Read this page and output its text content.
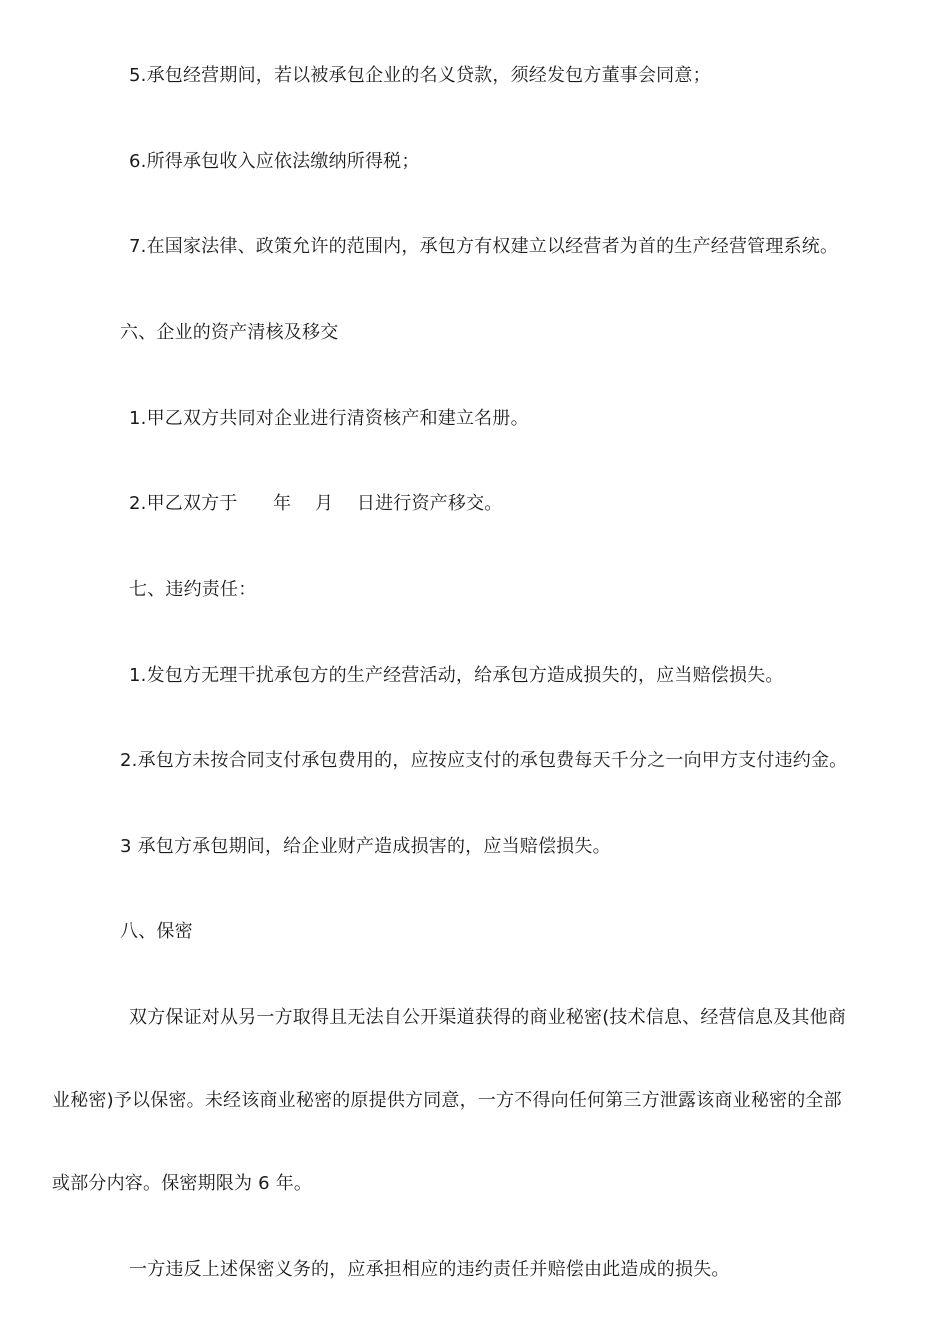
5.承包经营期间，若以被承包企业的名义贷款，须经发包方董事会同意；
6.所得承包收入应依法缴纳所得税；
7.在国家法律、政策允许的范围内，承包方有权建立以经营者为首的生产经营管理系统。
六、企业的资产清核及移交
1.甲乙双方共同对企业进行清资核产和建立名册。
2.甲乙双方于      年    月    日进行资产移交。
七、违约责任：
1.发包方无理干扰承包方的生产经营活动，给承包方造成损失的，应当赔偿损失。
2.承包方未按合同支付承包费用的，应按应支付的承包费每天千分之一向甲方支付违约金。
3 承包方承包期间，给企业财产造成损害的，应当赔偿损失。
八、保密
双方保证对从另一方取得且无法自公开渠道获得的商业秘密(技术信息、经营信息及其他商
业秘密)予以保密。未经该商业秘密的原提供方同意，一方不得向任何第三方泄露该商业秘密的全部
或部分内容。保密期限为 6 年。
一方违反上述保密义务的，应承担相应的违约责任并赔偿由此造成的损失。
